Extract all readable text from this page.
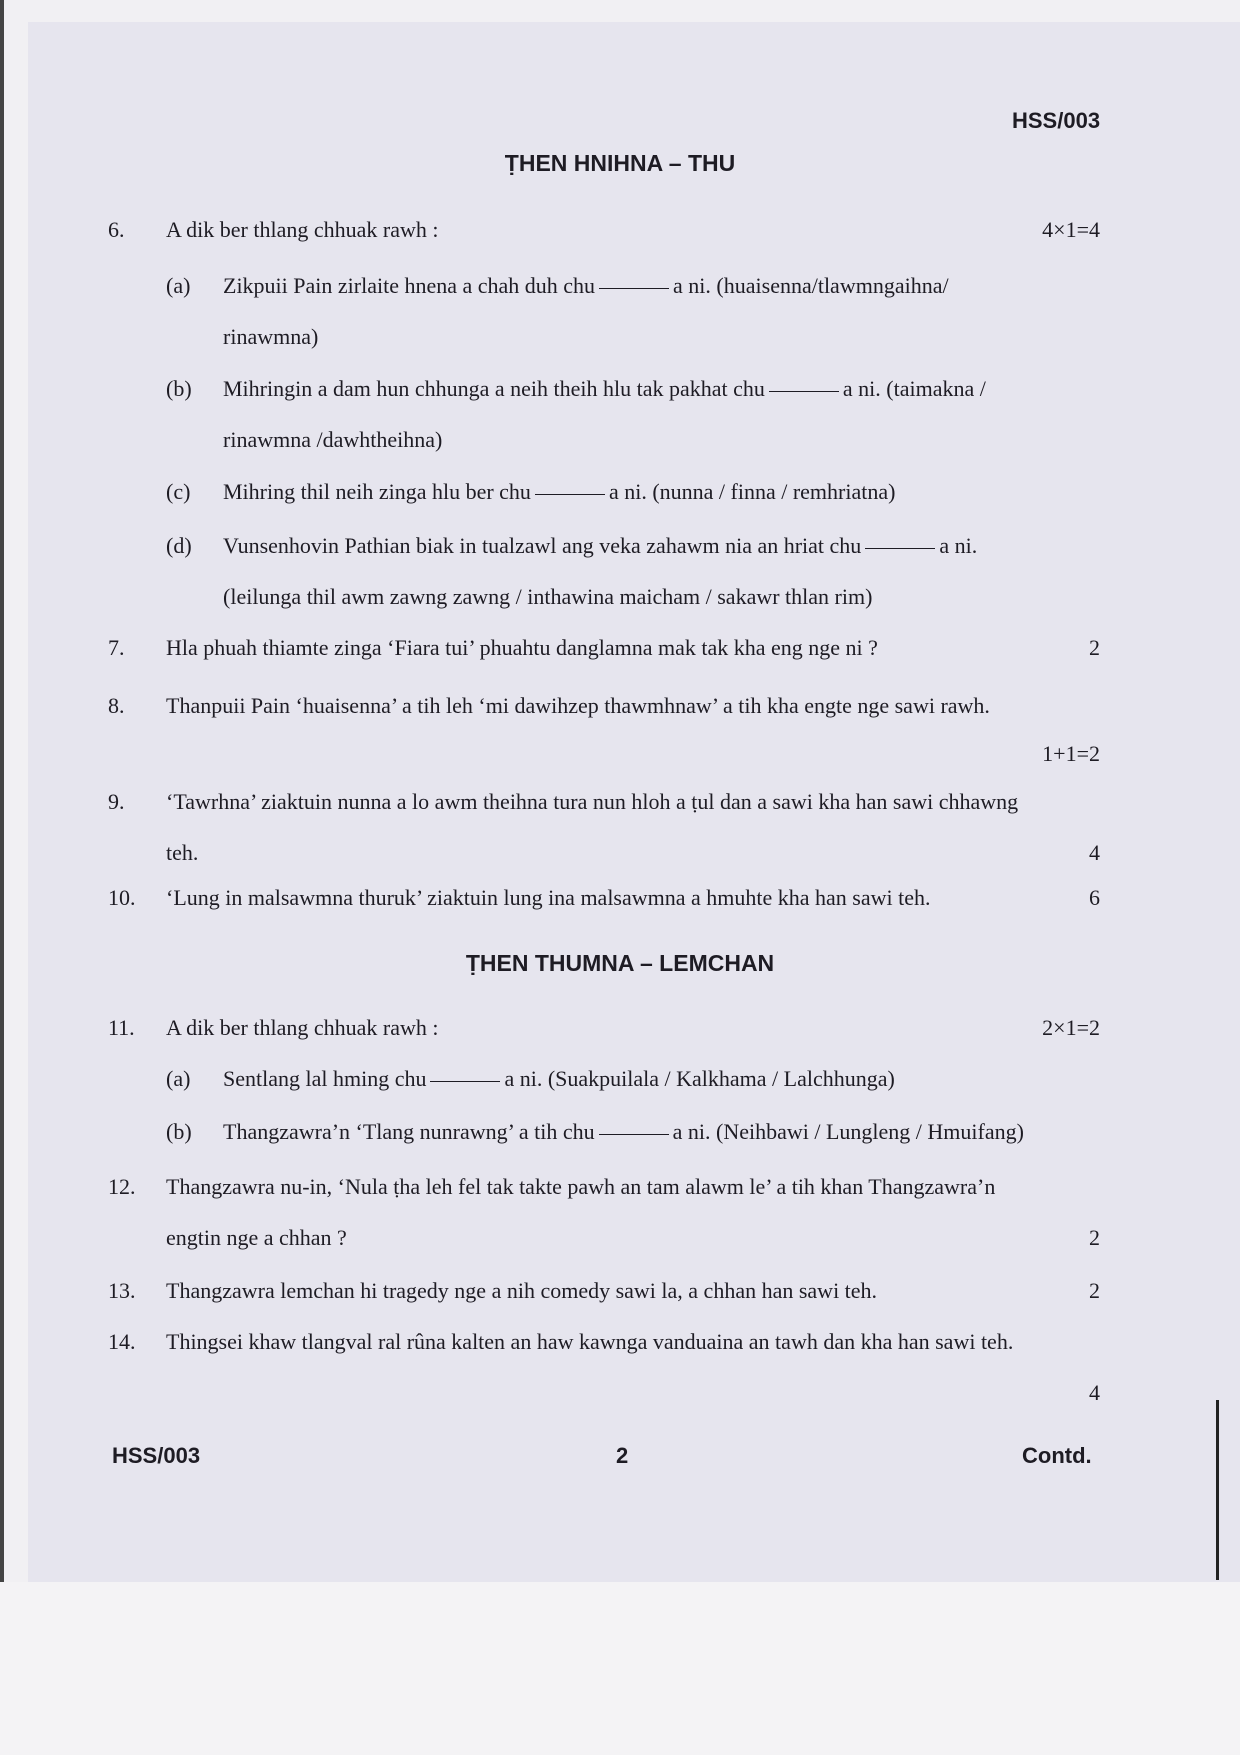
HSS/003
ṬHEN HNIHNA – THU
6.	A dik ber thlang chhuak rawh :	4×1=4
(a) Zikpuii Pain zirlaite hnena a chah duh chu	a ni. (huaisenna/tlawmngaihna/
rinawmna)
(b) Mihringin a dam hun chhunga a neih theih hlu tak pakhat chu	a ni. (taimakna /
rinawmna /dawhtheihna)
(c) Mihring thil neih zinga hlu ber chu	a ni. (nunna / finna / remhriatna)
(d) Vunsenhovin Pathian biak in tualzawl ang veka zahawm nia an hriat chu	a ni.
(leilunga thil awm zawng zawng / inthawina maicham / sakawr thlan rim)
7.	Hla phuah thiamte zinga ‘Fiara tui’ phuahtu danglamna mak tak kha eng nge ni ?	2
8.	Thanpuii Pain ‘huaisenna’ a tih leh ‘mi dawihzep thawmhnaw’ a tih kha engte nge sawi rawh.
1+1=2
9.	‘Tawrhna’ ziaktuin nunna a lo awm theihna tura nun hloh a ṭul dan a sawi kha han sawi chhawng
teh.	4
10.	‘Lung in malsawmna thuruk’ ziaktuin lung ina malsawmna a hmuhte kha han sawi teh.	6
ṬHEN THUMNA – LEMCHAN
11.	A dik ber thlang chhuak rawh :	2×1=2
(a) Sentlang lal hming chu	a ni. (Suakpuilala / Kalkhama / Lalchhunga)
(b) Thangzawra’n ‘Tlang nunrawng’ a tih chu	a ni. (Neihbawi / Lungleng / Hmuifang)
12.	Thangzawra nu-in, ‘Nula ṭha leh fel tak takte pawh an tam alawm le’ a tih khan Thangzawra’n
engtin nge a chhan ?	2
13.	Thangzawra lemchan hi tragedy nge a nih comedy sawi la, a chhan han sawi teh.	2
14.	Thingsei khaw tlangval ral rûna kalten an haw kawnga vanduaina an tawh dan kha han sawi teh.
4
HSS/003	2	Contd.
